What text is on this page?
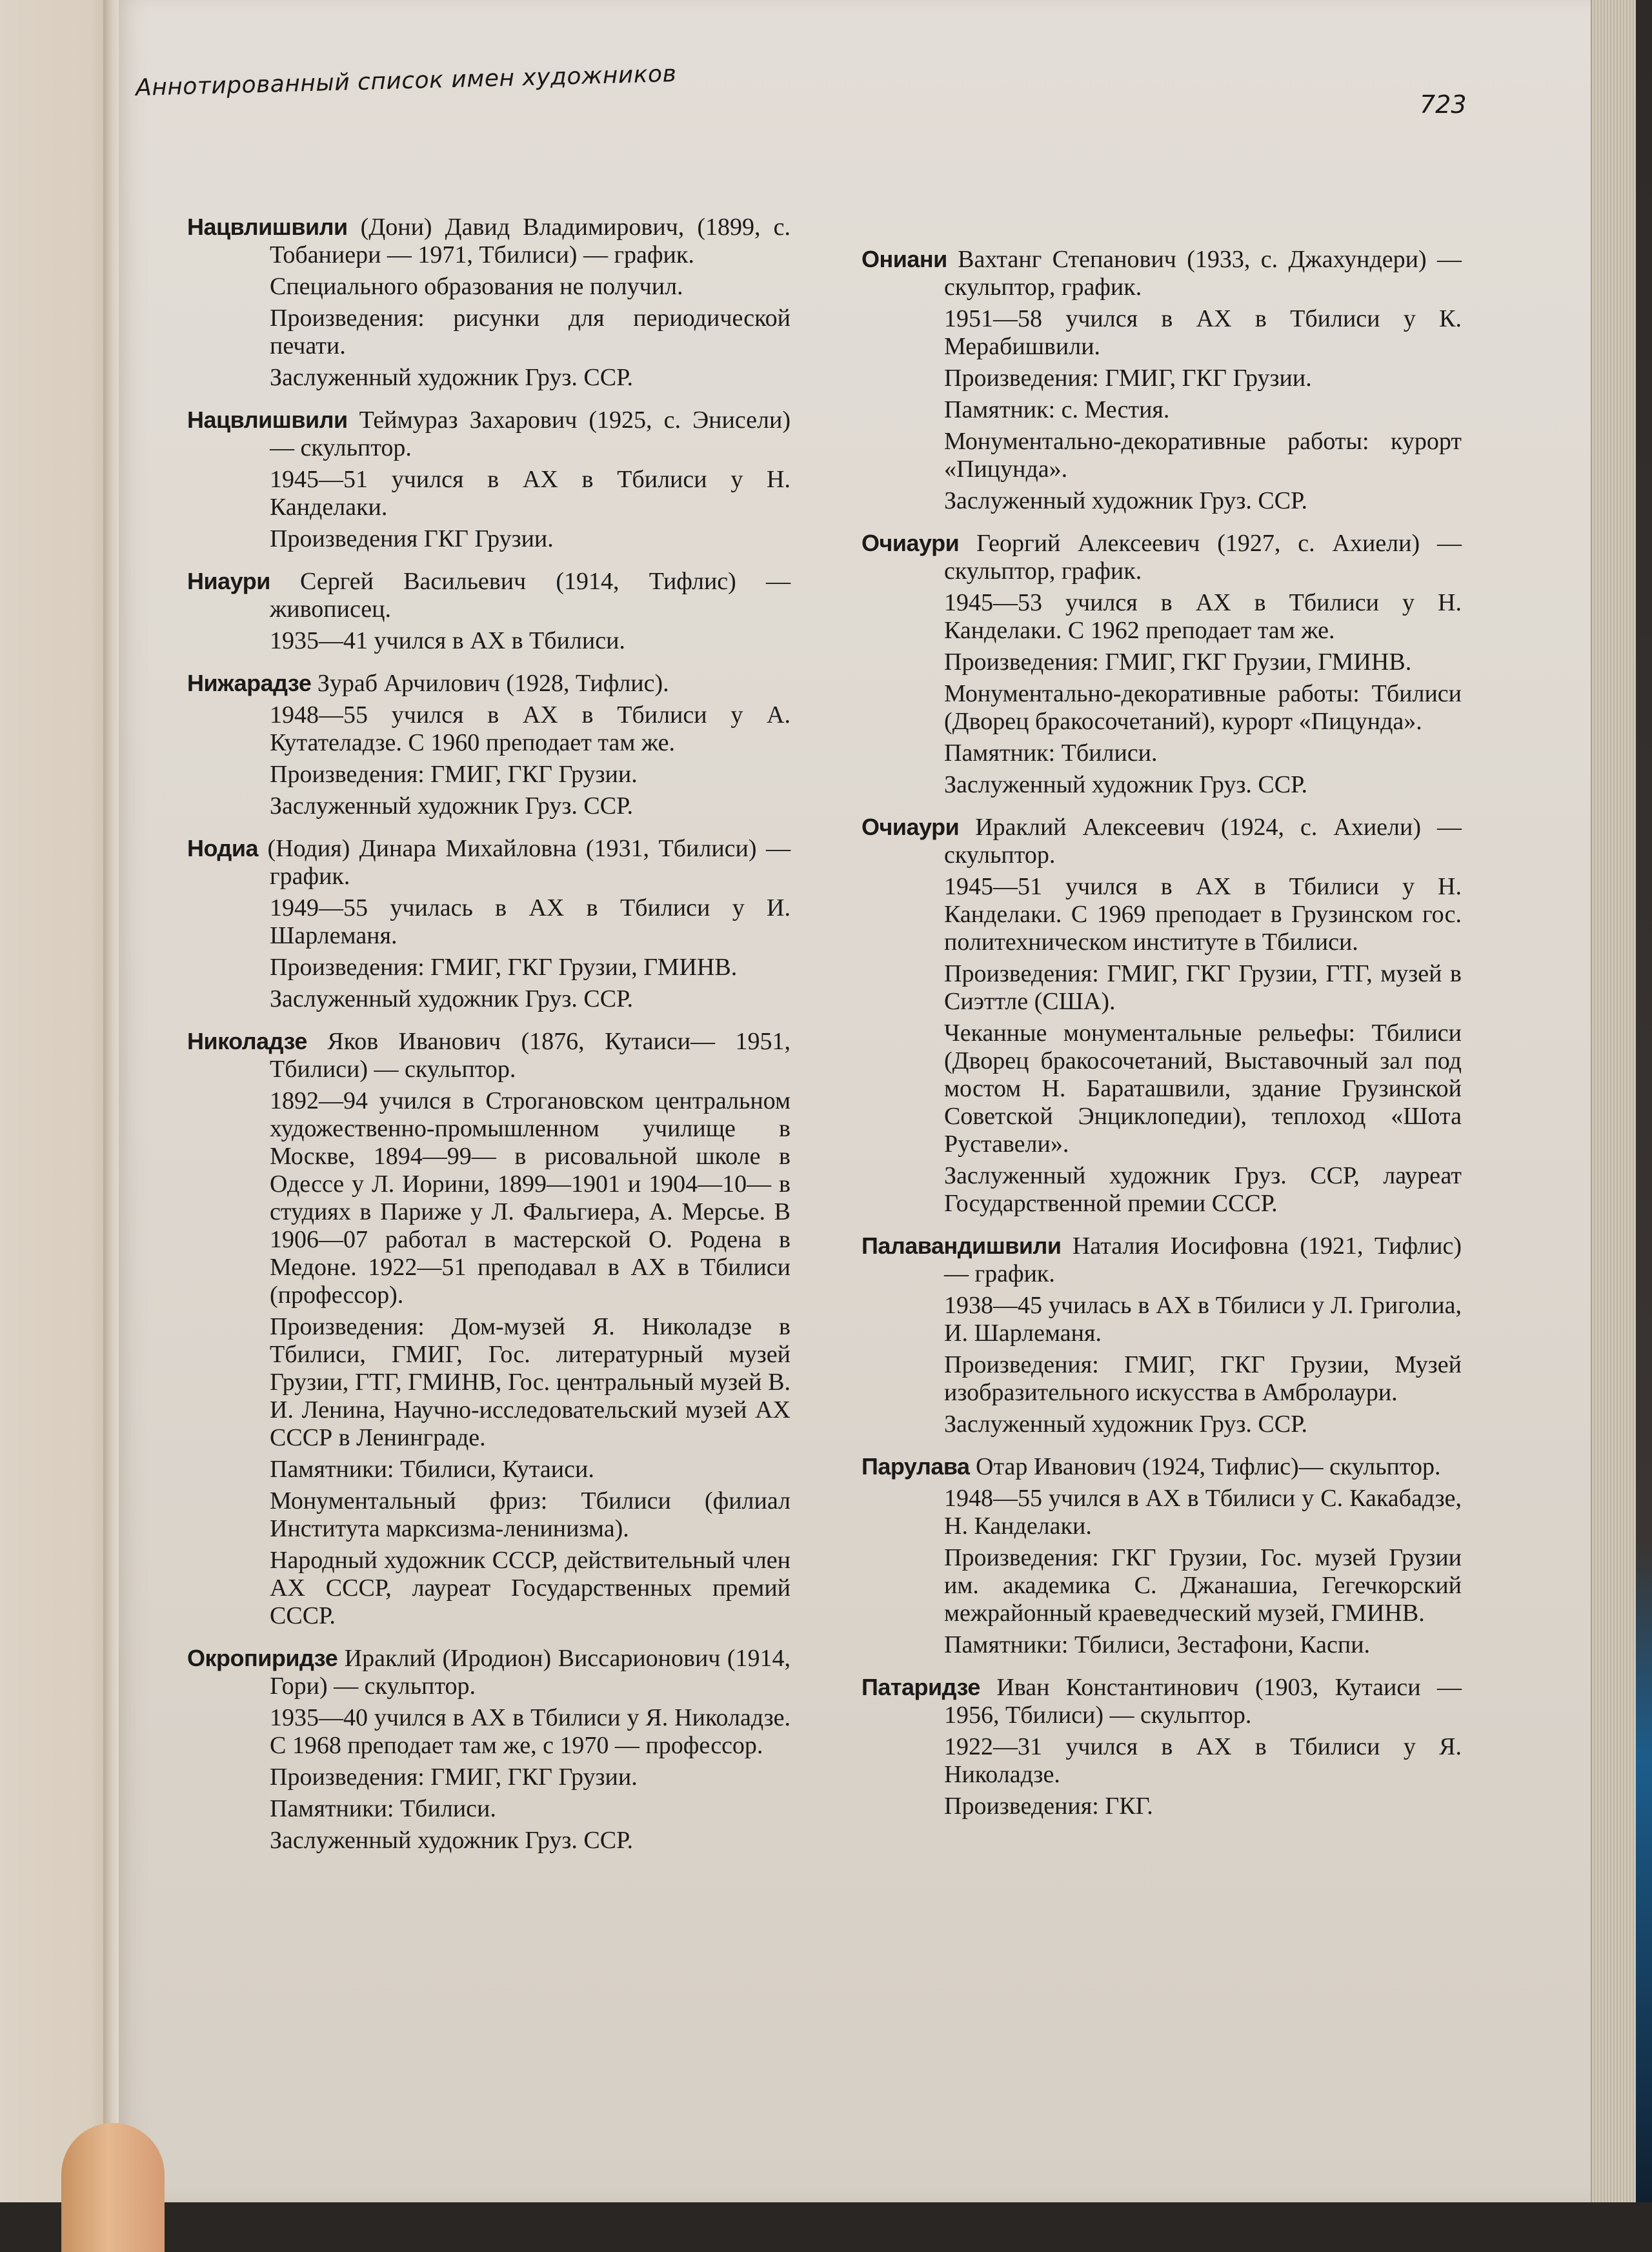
Аннотированный список имен художников
723

Нацвлишвили (Дони) Давид Владимирович, (1899, с. Тобаниери — 1971, Тбилиси) — график.

Специального образования не получил.

Произведения: рисунки для периодической печати.

Заслуженный художник Груз. ССР.

Нацвлишвили Теймураз Захарович (1925, с. Энисели) — скульптор.

1945—51 учился в АХ в Тбилиси у Н. Канделаки.

Произведения ГКГ Грузии.

Ниаури Сергей Васильевич (1914, Тифлис) — живописец.

1935—41 учился в АХ в Тбилиси.

Нижарадзе Зураб Арчилович (1928, Тифлис).

1948—55 учился в АХ в Тбилиси у А. Кутателадзе. С 1960 преподает там же.

Произведения: ГМИГ, ГКГ Грузии.

Заслуженный художник Груз. ССР.

Нодиа (Нодия) Динара Михайловна (1931, Тбилиси) — график.

1949—55 училась в АХ в Тбилиси у И. Шарлеманя.

Произведения: ГМИГ, ГКГ Грузии, ГМИНВ.

Заслуженный художник Груз. ССР.

Николадзе Яков Иванович (1876, Кутаиси— 1951, Тбилиси) — скульптор.

1892—94 учился в Строгановском центральном художественно-промышленном училище в Москве, 1894—99— в рисовальной школе в Одессе у Л. Иорини, 1899—1901 и 1904—10— в студиях в Париже у Л. Фальгиера, А. Мерсье. В 1906—07 работал в мастерской О. Родена в Медоне. 1922—51 преподавал в АХ в Тбилиси (профессор).

Произведения: Дом-музей Я. Николадзе в Тбилиси, ГМИГ, Гос. литературный музей Грузии, ГТГ, ГМИНВ, Гос. центральный музей В. И. Ленина, Научно-исследовательский музей АХ СССР в Ленинграде.

Памятники: Тбилиси, Кутаиси.

Монументальный фриз: Тбилиси (филиал Института марксизма-ленинизма).

Народный художник СССР, действительный член АХ СССР, лауреат Государственных премий СССР.

Окропиридзе Ираклий (Иродион) Виссарионович (1914, Гори) — скульптор.

1935—40 учился в АХ в Тбилиси у Я. Николадзе. С 1968 преподает там же, с 1970 — профессор.

Произведения: ГМИГ, ГКГ Грузии.

Памятники: Тбилиси.

Заслуженный художник Груз. ССР.

Ониани Вахтанг Степанович (1933, с. Джахундери) — скульптор, график.

1951—58 учился в АХ в Тбилиси у К. Мерабишвили.

Произведения: ГМИГ, ГКГ Грузии.

Памятник: с. Местия.

Монументально-декоративные работы: курорт «Пицунда».

Заслуженный художник Груз. ССР.

Очиаури Георгий Алексеевич (1927, с. Ахиели) — скульптор, график.

1945—53 учился в АХ в Тбилиси у Н. Канделаки. С 1962 преподает там же.

Произведения: ГМИГ, ГКГ Грузии, ГМИНВ.

Монументально-декоративные работы: Тбилиси (Дворец бракосочетаний), курорт «Пицунда».

Памятник: Тбилиси.

Заслуженный художник Груз. ССР.

Очиаури Ираклий Алексеевич (1924, с. Ахиели) — скульптор.

1945—51 учился в АХ в Тбилиси у Н. Канделаки. С 1969 преподает в Грузинском гос. политехническом институте в Тбилиси.

Произведения: ГМИГ, ГКГ Грузии, ГТГ, музей в Сиэттле (США).

Чеканные монументальные рельефы: Тбилиси (Дворец бракосочетаний, Выставочный зал под мостом Н. Бараташвили, здание Грузинской Советской Энциклопедии), теплоход «Шота Руставели».

Заслуженный художник Груз. ССР, лауреат Государственной премии СССР.

Палавандишвили Наталия Иосифовна (1921, Тифлис) — график.

1938—45 училась в АХ в Тбилиси у Л. Григолиа, И. Шарлеманя.

Произведения: ГМИГ, ГКГ Грузии, Музей изобразительного искусства в Амбролаури.

Заслуженный художник Груз. ССР.

Парулава Отар Иванович (1924, Тифлис)— скульптор.

1948—55 учился в АХ в Тбилиси у С. Какабадзе, Н. Канделаки.

Произведения: ГКГ Грузии, Гос. музей Грузии им. академика С. Джанашиа, Гегечкорский межрайонный краеведческий музей, ГМИНВ.

Памятники: Тбилиси, Зестафони, Каспи.

Патаридзе Иван Константинович (1903, Кутаиси — 1956, Тбилиси) — скульптор.

1922—31 учился в АХ в Тбилиси у Я. Николадзе.

Произведения: ГКГ.
